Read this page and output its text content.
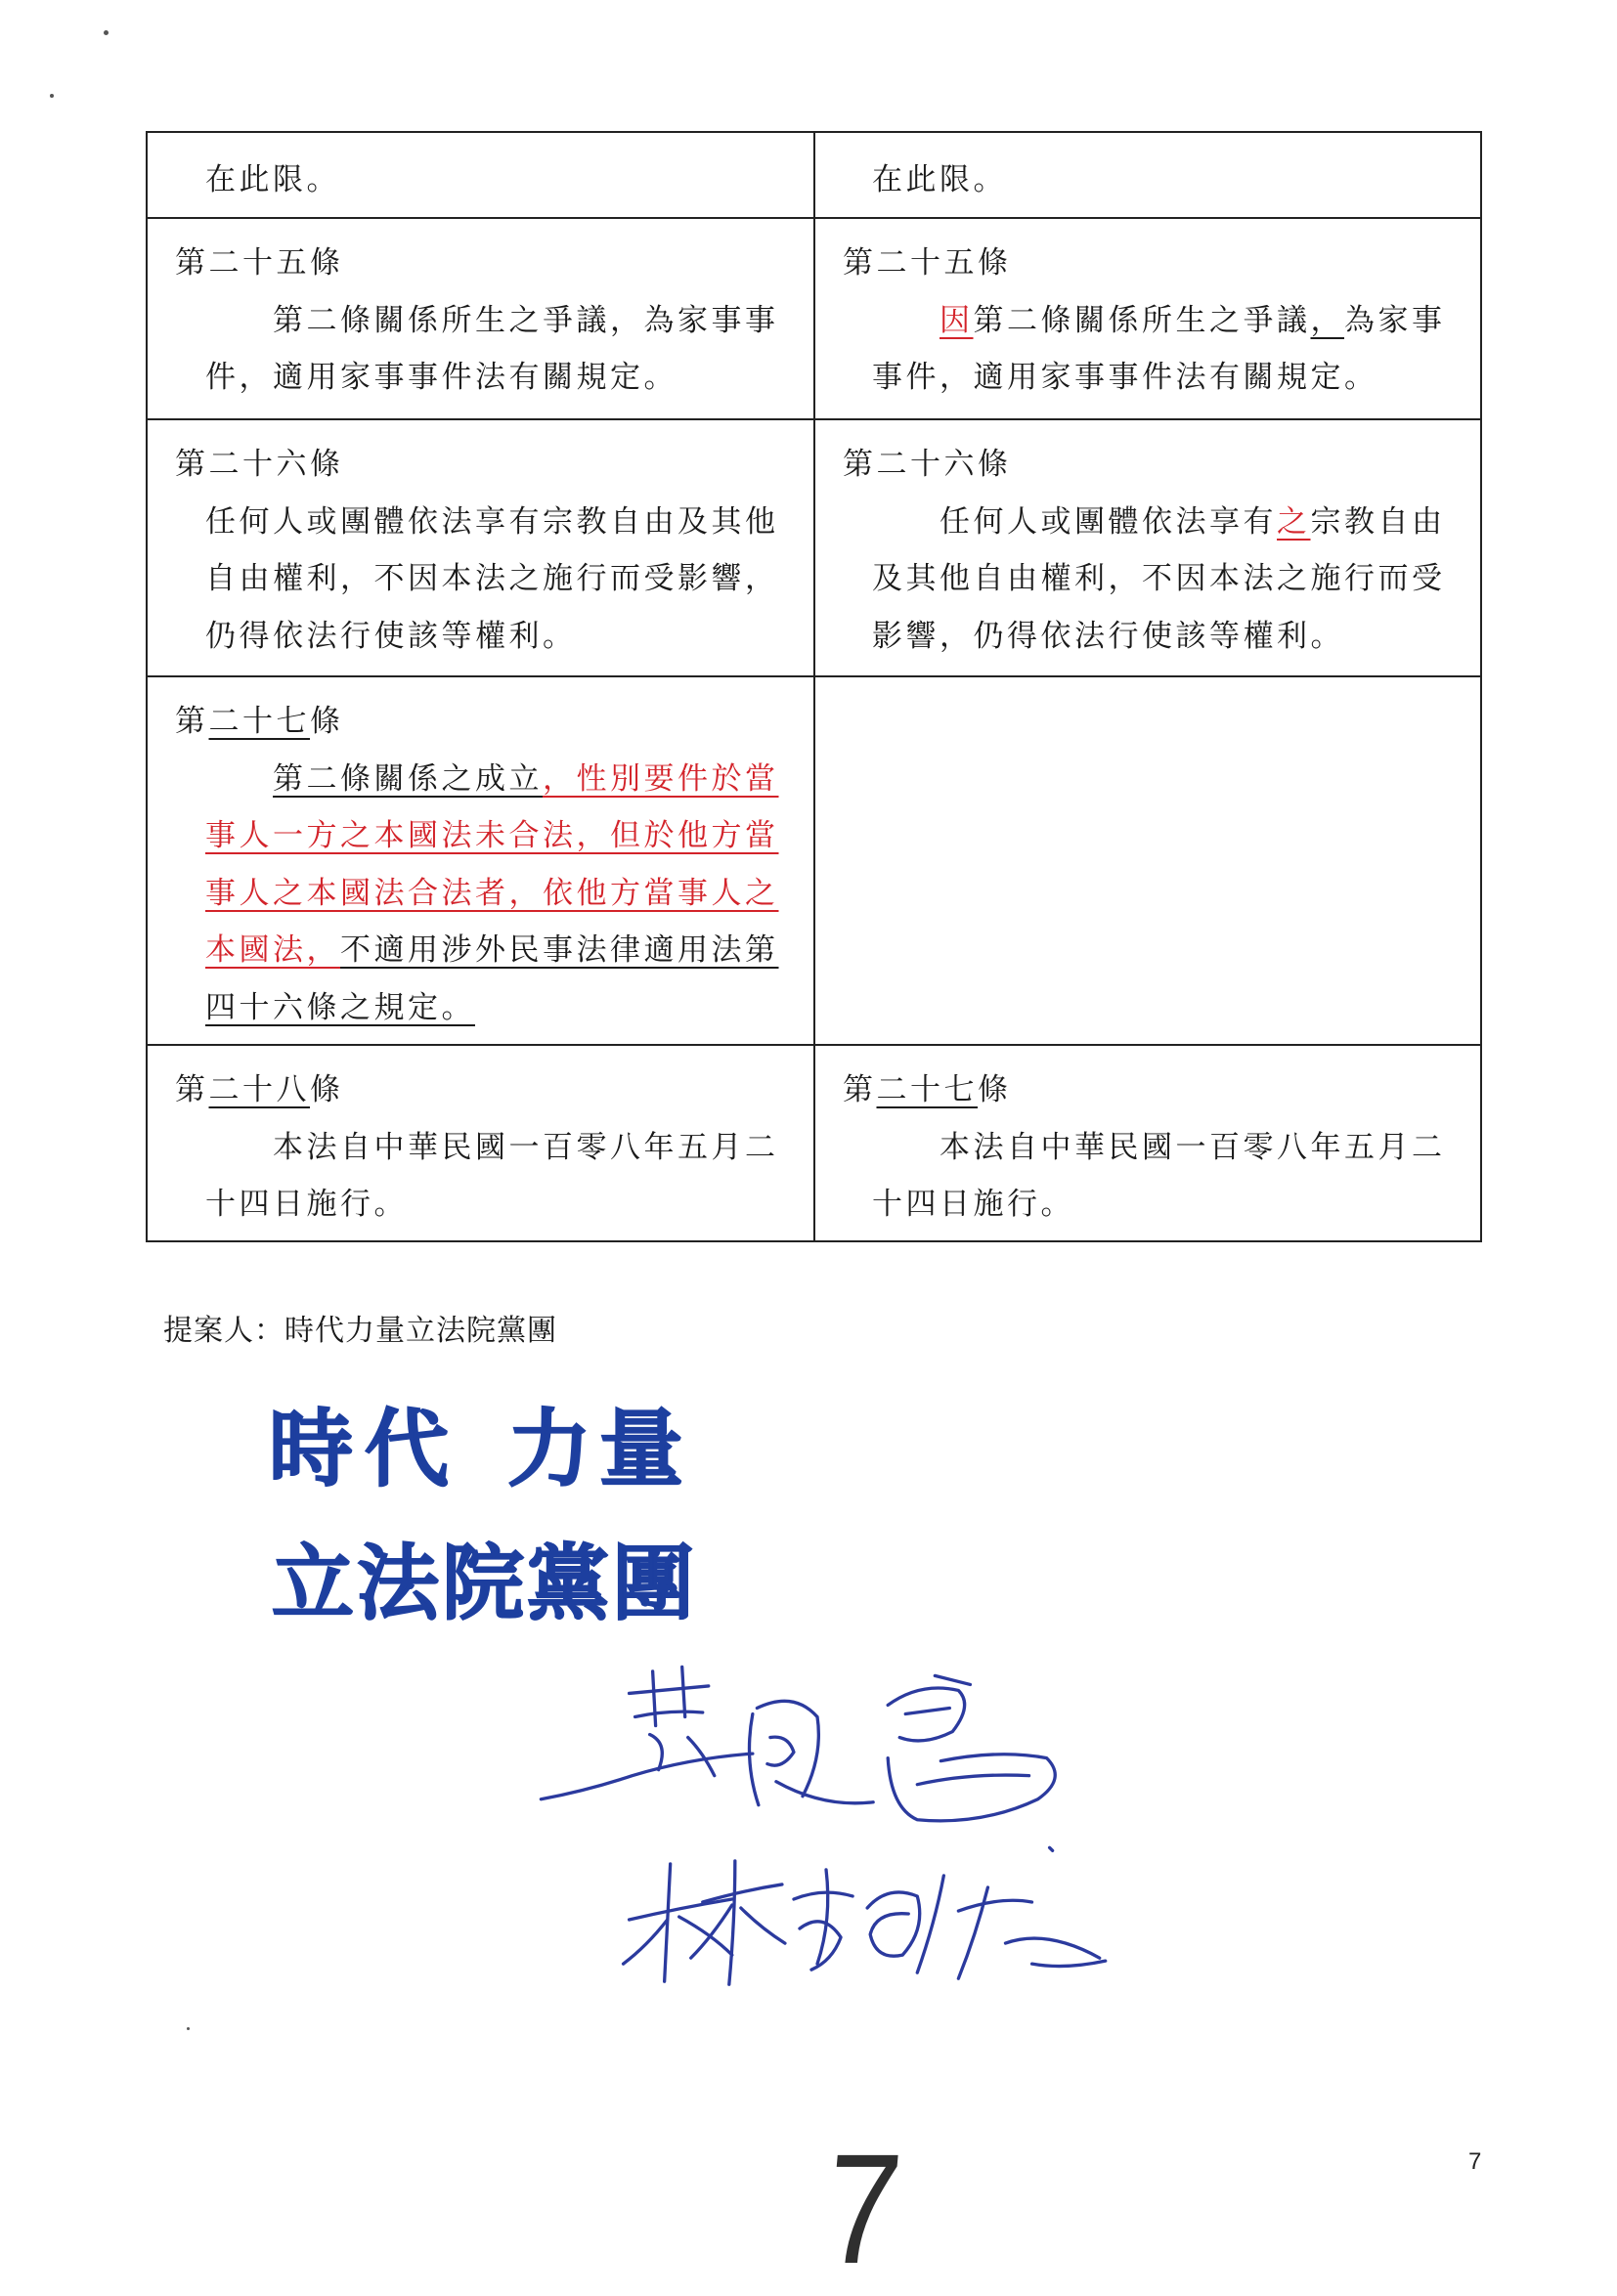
在此限。	在此限。
第二十五條
第二條關係所生之爭議，為家事事
件，適用家事事件法有關規定。
第二十五條
因第二條關係所生之爭議，為家事
事件，適用家事事件法有關規定。
第二十六條
任何人或團體依法享有宗教自由及其他
自由權利，不因本法之施行而受影響，
仍得依法行使該等權利。
第二十六條
任何人或團體依法享有之宗教自由
及其他自由權利，不因本法之施行而受
影響，仍得依法行使該等權利。
第二十七條
第二條關係之成立，性別要件於當
事人一方之本國法未合法，但於他方當
事人之本國法合法者，依他方當事人之
本國法，不適用涉外民事法律適用法第
四十六條之規定。
第二十八條
本法自中華民國一百零八年五月二
十四日施行。
第二十七條
本法自中華民國一百零八年五月二
十四日施行。
提案人：時代力量立法院黨團
時代 力量
立法院黨團
7	7
